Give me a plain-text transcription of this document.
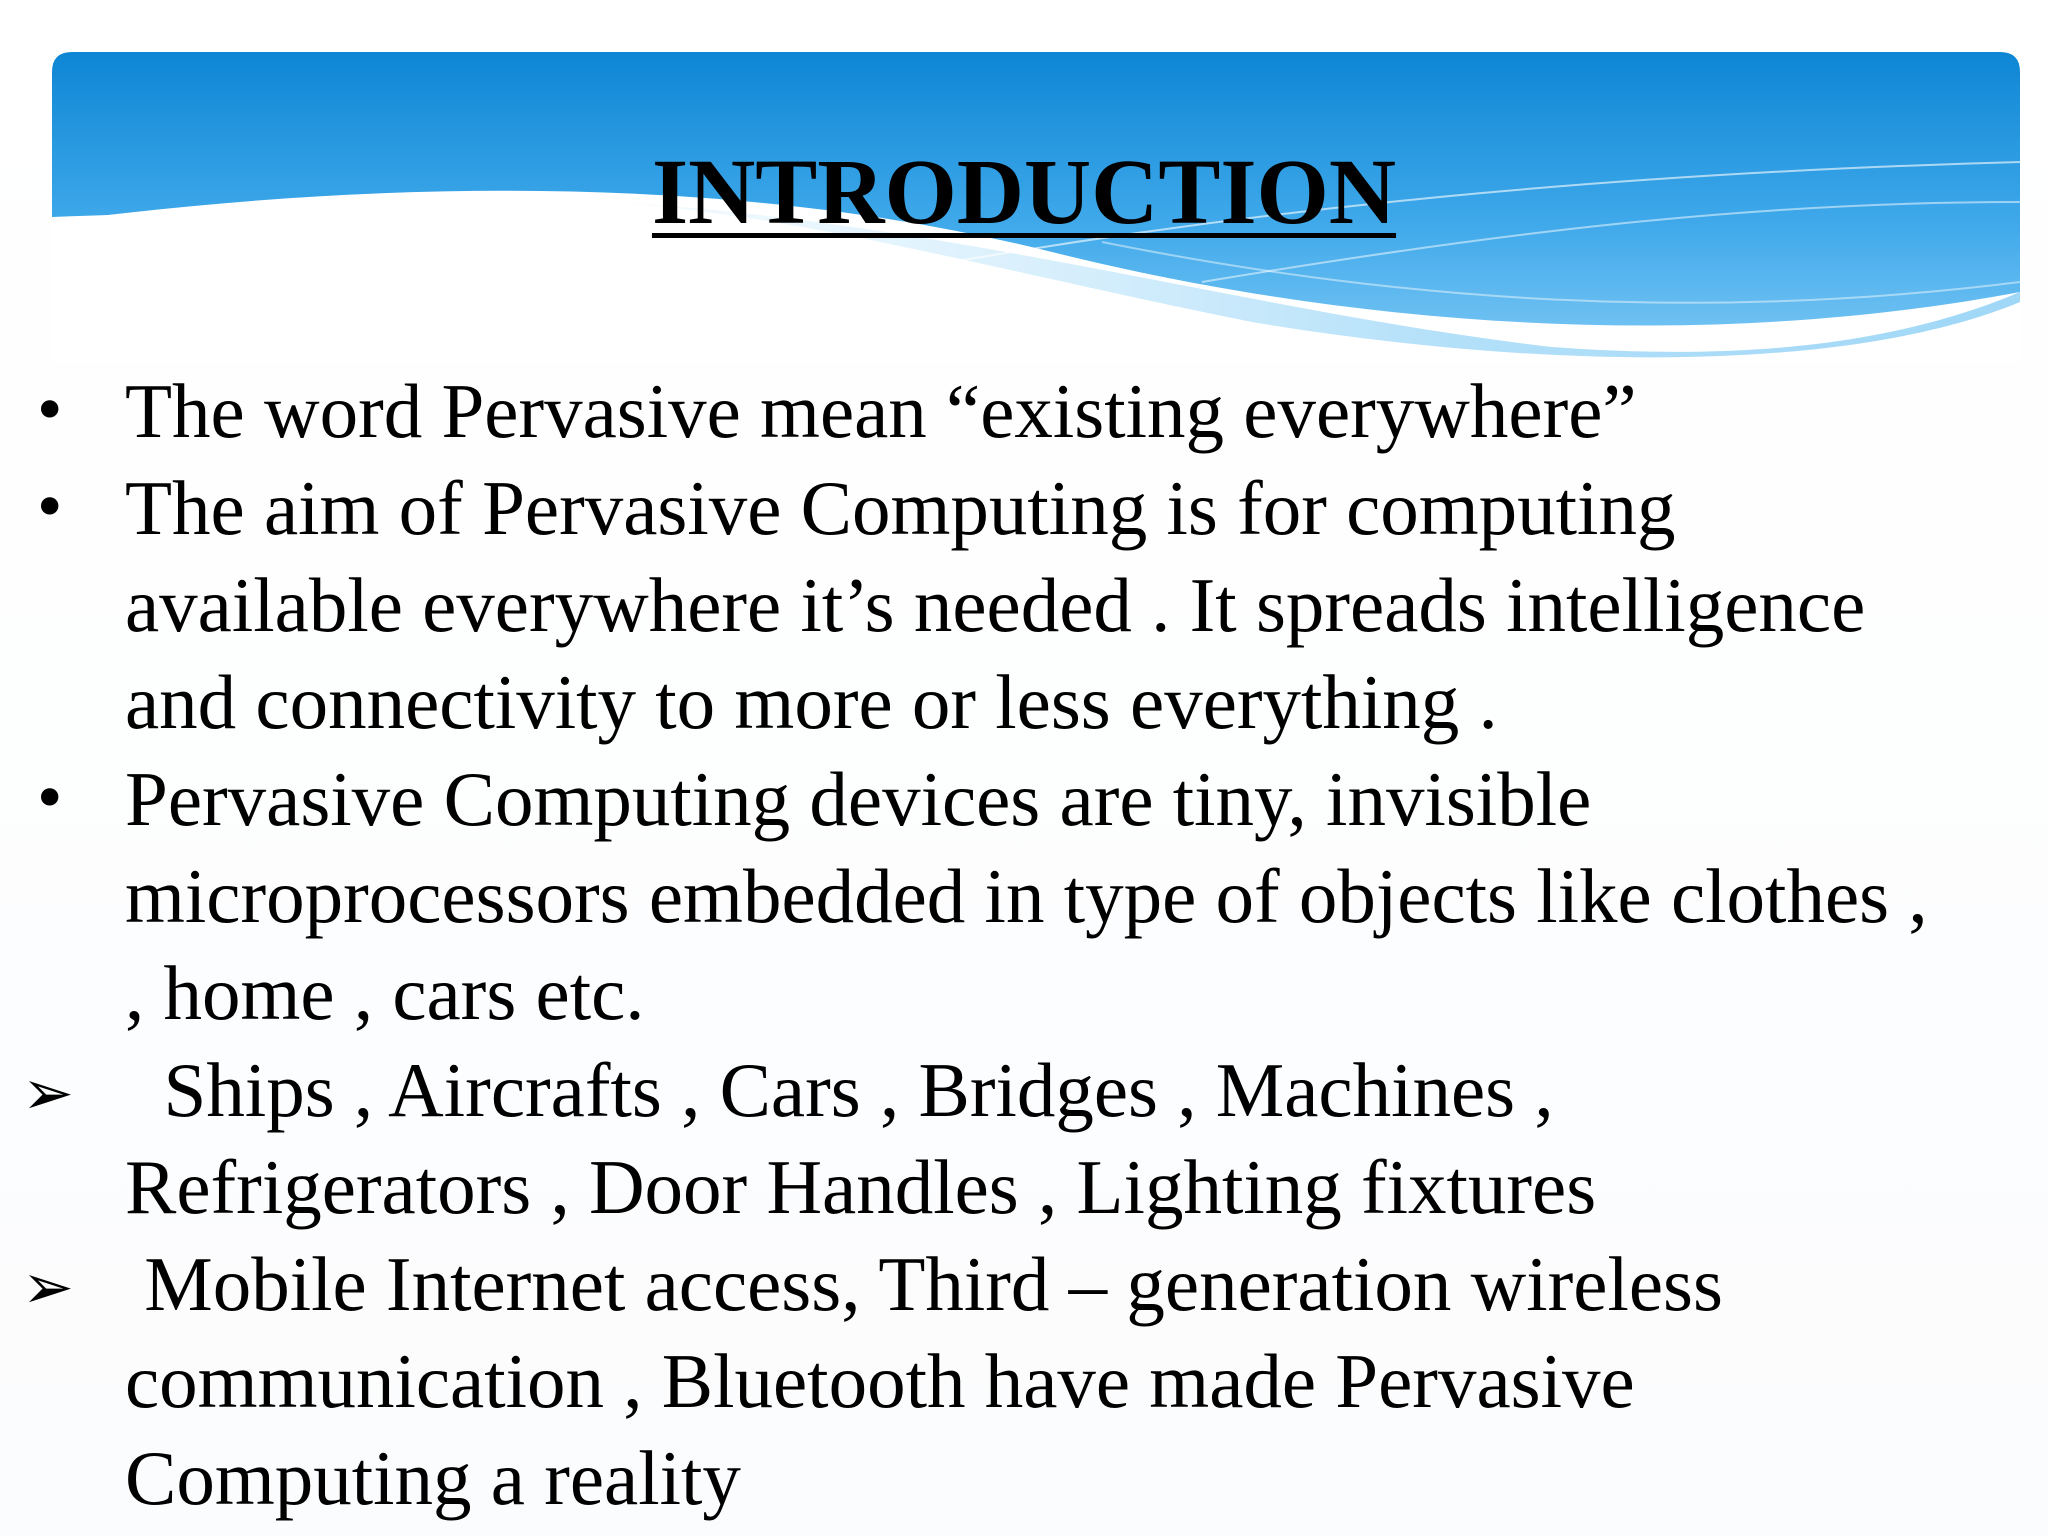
INTRODUCTION
• The word Pervasive mean “existing everywhere”
• The aim of Pervasive Computing is for computing
available everywhere it’s needed . It spreads intelligence
and connectivity to more or less everything .
• Pervasive Computing devices are tiny, invisible
microprocessors embedded in type of objects like clothes ,
, home , cars etc.
➢ Ships , Aircrafts , Cars , Bridges , Machines ,
Refrigerators , Door Handles , Lighting fixtures
➢ Mobile Internet access, Third – generation wireless
communication , Bluetooth have made Pervasive
Computing a reality
